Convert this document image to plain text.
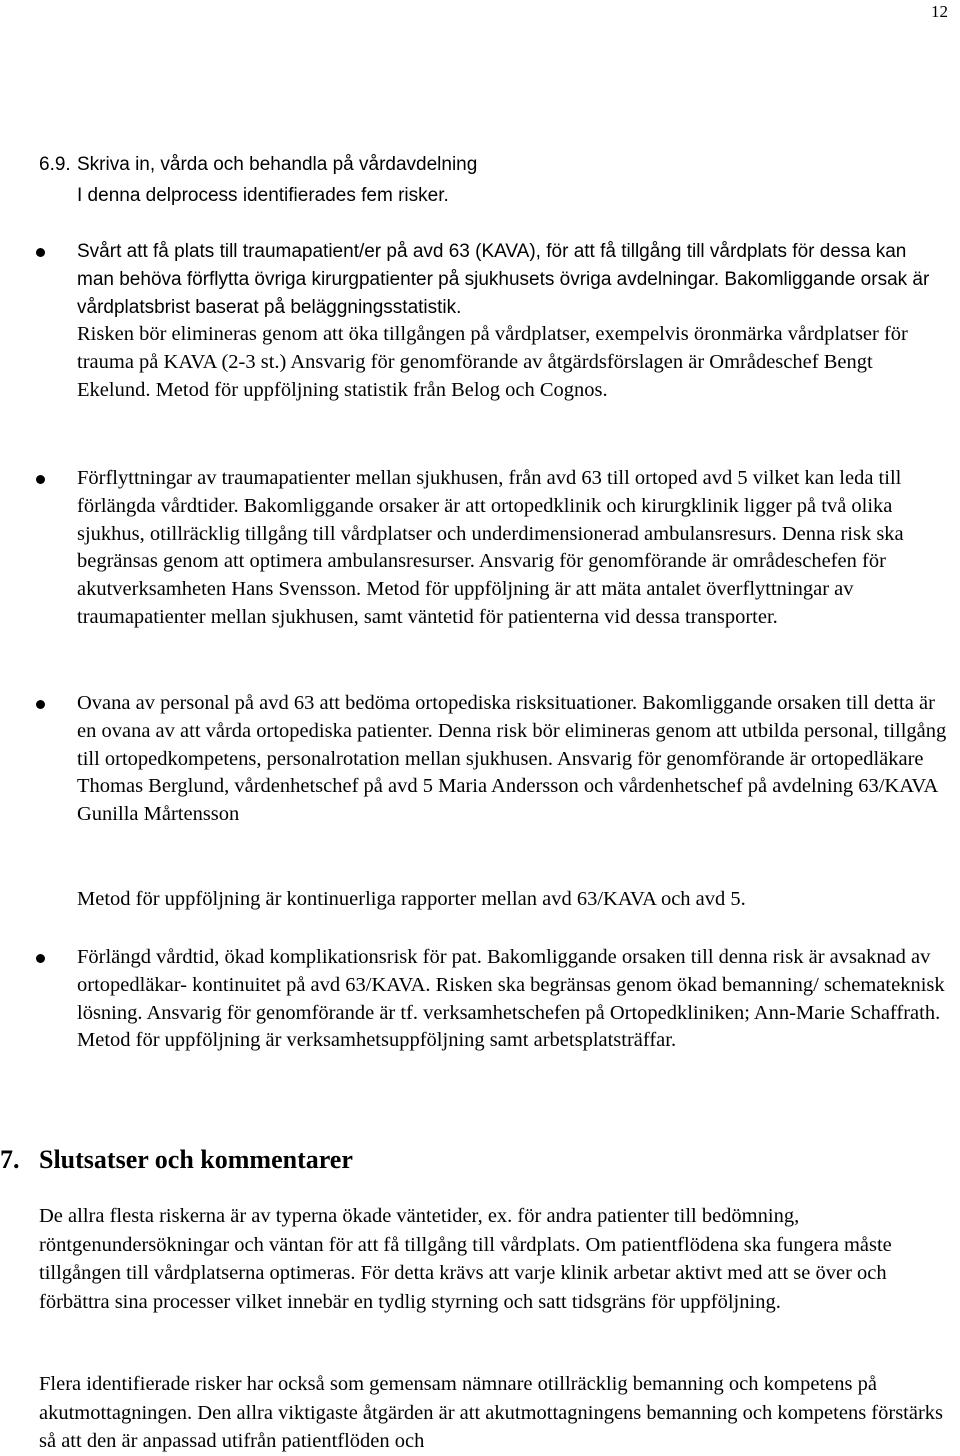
12
6.9. Skriva in, vårda och behandla på vårdavdelning
I denna delprocess identifierades fem risker.
Svårt att få plats till traumapatient/er på avd 63 (KAVA), för att få tillgång till vårdplats för dessa kan man behöva förflytta övriga kirurgpatienter på sjukhusets övriga avdelningar. Bakomliggande orsak är vårdplatsbrist baserat på beläggningsstatistik.

Risken bör elimineras genom att öka tillgången på vårdplatser, exempelvis öronmärka vårdplatser för trauma på KAVA (2-3 st.) Ansvarig för genomförande av åtgärdsförslagen är Områdeschef Bengt Ekelund. Metod för uppföljning statistik från Belog och Cognos.

Förflyttningar av traumapatienter mellan sjukhusen, från avd 63 till ortoped avd 5 vilket kan leda till förlängda vårdtider. Bakomliggande orsaker är att ortopedklinik och kirurgklinik ligger på två olika sjukhus, otillräcklig tillgång till vårdplatser och underdimensionerad ambulansresurs. Denna risk ska begränsas genom att optimera ambulansresurser. Ansvarig för genomförande är områdeschefen för akutverksamheten Hans Svensson. Metod för uppföljning är att mäta antalet överflyttningar av traumapatienter mellan sjukhusen, samt väntetid för patienterna vid dessa transporter.
Ovana av personal på avd 63 att bedöma ortopediska risksituationer. Bakomliggande orsaken till detta är en ovana av att vårda ortopediska patienter. Denna risk bör elimineras genom att utbilda personal, tillgång till ortopedkompetens, personalrotation mellan sjukhusen. Ansvarig för genomförande är ortopedläkare Thomas Berglund, vårdenhetschef på avd 5 Maria Andersson och vårdenhetschef på avdelning 63/KAVA Gunilla Mårtensson
Metod för uppföljning är kontinuerliga rapporter mellan avd 63/KAVA och avd 5.
Förlängd vårdtid, ökad komplikationsrisk för pat. Bakomliggande orsaken till denna risk är avsaknad av ortopedläkar- kontinuitet på avd 63/KAVA. Risken ska begränsas genom ökad bemanning/ schemateknisk lösning. Ansvarig för genomförande är tf. verksamhetschefen på Ortopedkliniken; Ann-Marie Schaffrath. Metod för uppföljning är verksamhetsuppföljning samt arbetsplatsträffar.
7. Slutsatser och kommentarer
De allra flesta riskerna är av typerna ökade väntetider, ex. för andra patienter till bedömning, röntgenundersökningar och väntan för att få tillgång till vårdplats. Om patientflödena ska fungera måste tillgången till vårdplatserna optimeras. För detta krävs att varje klinik arbetar aktivt med att se över och förbättra sina processer vilket innebär en tydlig styrning och satt tidsgräns för uppföljning.
Flera identifierade risker har också som gemensam nämnare otillräcklig bemanning och kompetens på akutmottagningen. Den allra viktigaste åtgärden är att akutmottagningens bemanning och kompetens förstärks så att den är anpassad utifrån patientflöden och
